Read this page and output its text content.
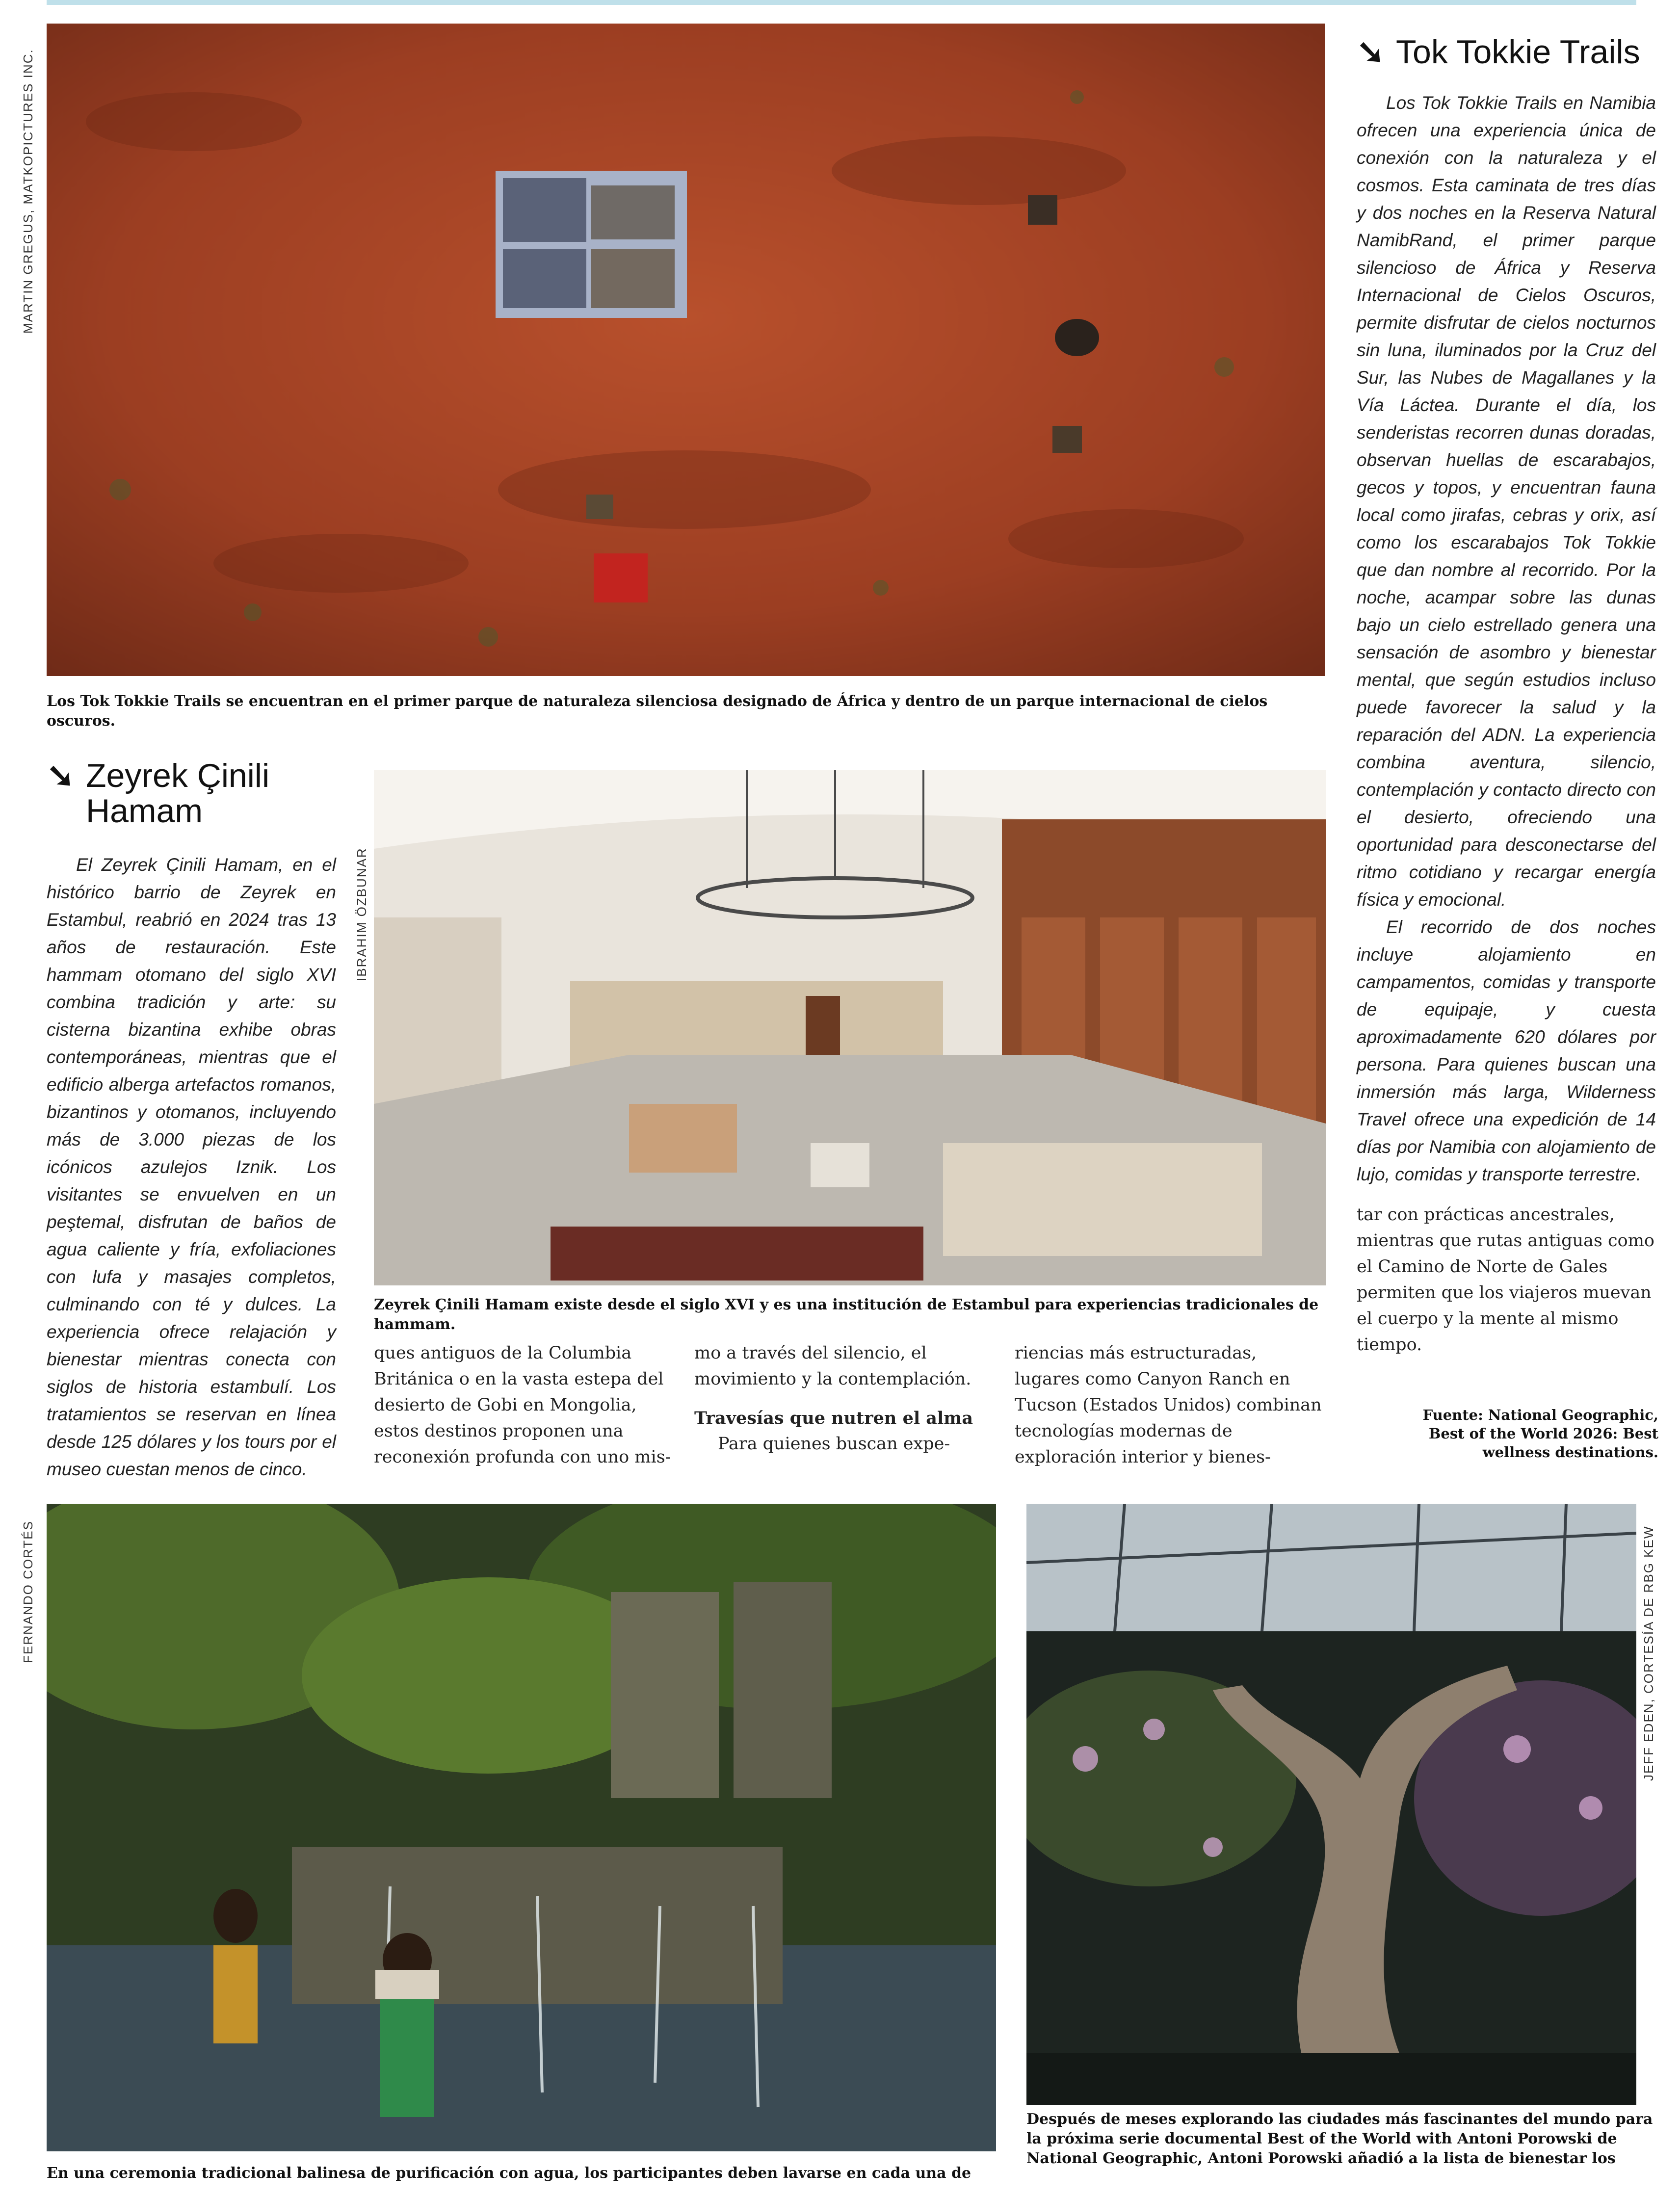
MARTIN GREGUS, MATKOPICTURES INC.
Los Tok Tokkie Trails se encuentran en el primer parque de naturaleza silenciosa designado de África y dentro de un parque internacional de cielos oscuros.
➘ Tok Tokkie Trails

Los Tok Tokkie Trails en Namibia ofrecen una experiencia única de conexión con la naturaleza y el cosmos. Esta caminata de tres días y dos noches en la Reserva Natural NamibRand, el primer parque silencioso de África y Reserva Internacional de Cielos Oscuros, permite disfrutar de cielos nocturnos sin luna, iluminados por la Cruz del Sur, las Nubes de Magallanes y la Vía Láctea. Durante el día, los senderistas recorren dunas doradas, observan huellas de escarabajos, gecos y topos, y encuentran fauna local como jirafas, cebras y orix, así como los escarabajos Tok Tokkie que dan nombre al recorrido. Por la noche, acampar sobre las dunas bajo un cielo estrellado genera una sensación de asombro y bienestar mental, que según estudios incluso puede favorecer la salud y la reparación del ADN. La experiencia combina aventura, silencio, contemplación y contacto directo con el desierto, ofreciendo una oportunidad para desconectarse del ritmo cotidiano y recargar energía física y emocional.

El recorrido de dos noches incluye alojamiento en campamentos, comidas y transporte de equipaje, y cuesta aproximadamente 620 dólares por persona. Para quienes buscan una inmersión más larga, Wilderness Travel ofrece una expedición de 14 días por Namibia con alojamiento de lujo, comidas y transporte terrestre.

➘ Zeyrek Çinili
Hamam

El Zeyrek Çinili Hamam, en el histórico barrio de Zeyrek en Estambul, reabrió en 2024 tras 13 años de restauración. Este hammam otomano del siglo XVI combina tradición y arte: su cisterna bizantina exhibe obras contemporáneas, mientras que el edificio alberga artefactos romanos, bizantinos y otomanos, incluyendo más de 3.000 piezas de los icónicos azulejos Iznik. Los visitantes se envuelven en un peştemal, disfrutan de baños de agua caliente y fría, exfoliaciones con lufa y masajes completos, culminando con té y dulces. La experiencia ofrece relajación y bienestar mientras conecta con siglos de historia estambulí. Los tratamientos se reservan en línea desde 125 dólares y los tours por el museo cuestan menos de cinco.

IBRAHIM ÖZBUNAR
Zeyrek Çinili Hamam existe desde el siglo XVI y es una institución de Estambul para experiencias tradicionales de hammam.

ques antiguos de la Columbia Británica o en la vasta estepa del desierto de Gobi en Mongolia, estos destinos proponen una reconexión profunda con uno mis-

mo a través del silencio, el movimiento y la contemplación.

Travesías que nutren el alma

Para quienes buscan expe-

riencias más estructuradas, lugares como Canyon Ranch en Tucson (Estados Unidos) combinan tecnologías modernas de exploración interior y bienes-

tar con prácticas ancestrales, mientras que rutas antiguas como el Camino de Norte de Gales permiten que los viajeros muevan el cuerpo y la mente al mismo tiempo.

Fuente: National Geographic, Best of the World 2026: Best wellness destinations.
FERNANDO CORTÉS
En una ceremonia tradicional balinesa de purificación con agua, los participantes deben lavarse en cada una de
JEFF EDEN, CORTESÍA DE RBG KEW
Después de meses explorando las ciudades más fascinantes del mundo para la próxima serie documental Best of the World with Antoni Porowski de National Geographic, Antoni Porowski añadió a la lista de bienestar los
